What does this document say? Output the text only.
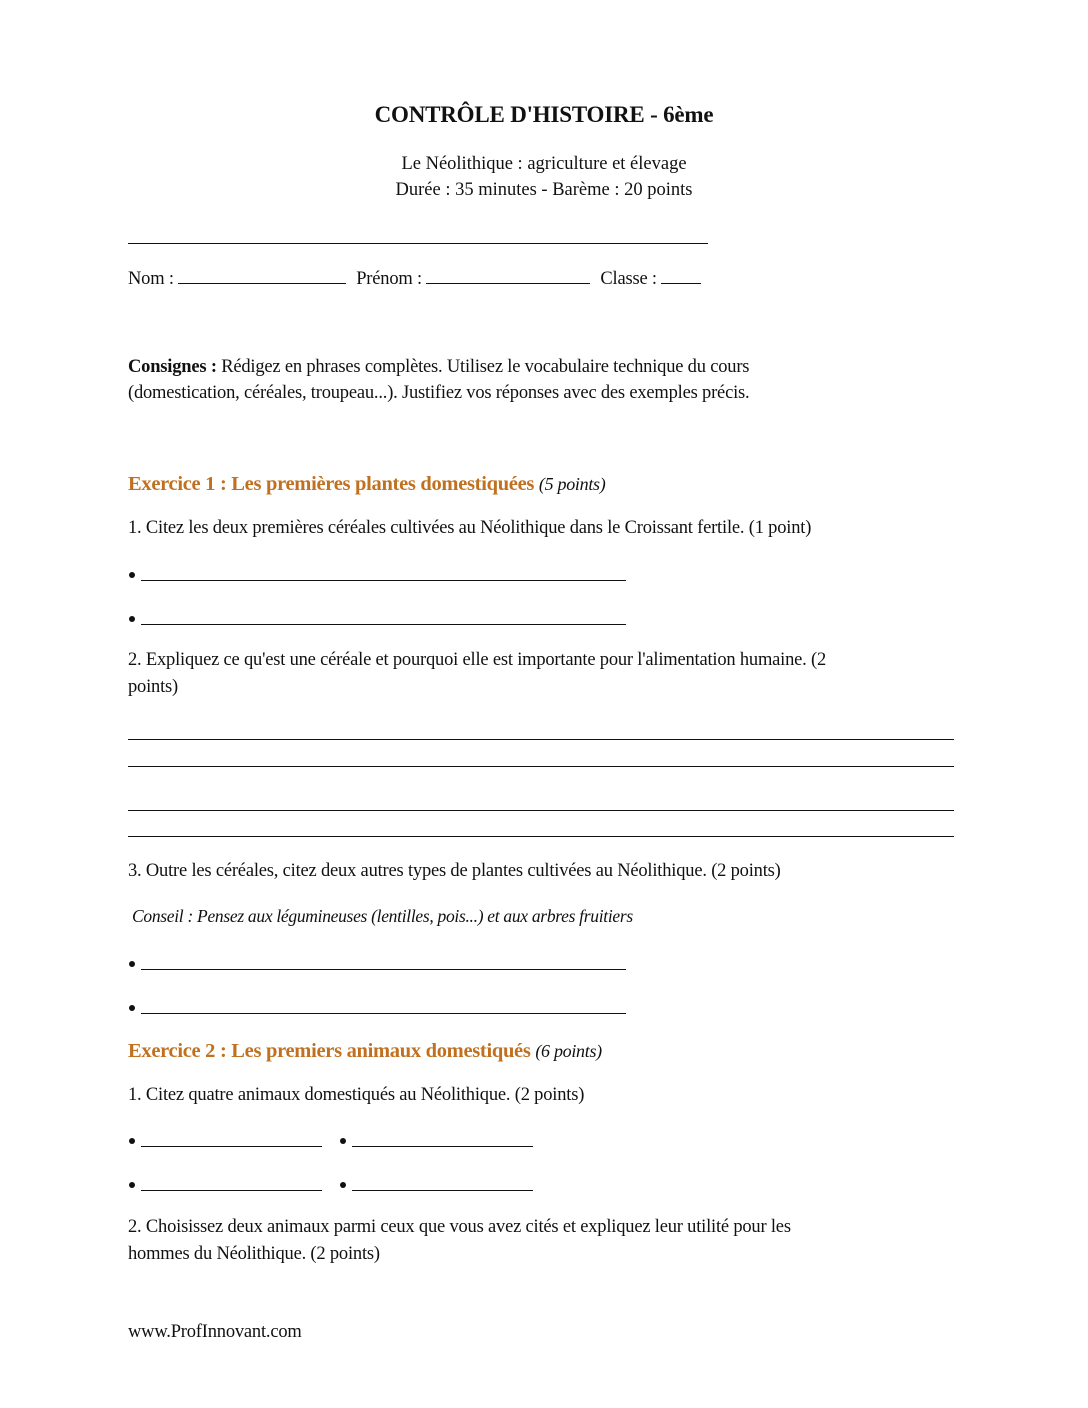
CONTRÔLE D'HISTOIRE - 6ème
Le Néolithique : agriculture et élevage
Durée : 35 minutes - Barème : 20 points
Nom :	Prénom :	Classe :
Consignes : Rédigez en phrases complètes. Utilisez le vocabulaire technique du cours
(domestication, céréales, troupeau...). Justifiez vos réponses avec des exemples précis.
Exercice 1 : Les premières plantes domestiquées (5 points)
1. Citez les deux premières céréales cultivées au Néolithique dans le Croissant fertile. (1 point)
2. Expliquez ce qu'est une céréale et pourquoi elle est importante pour l'alimentation humaine. (2
points)
3. Outre les céréales, citez deux autres types de plantes cultivées au Néolithique. (2 points)
Conseil : Pensez aux légumineuses (lentilles, pois...) et aux arbres fruitiers
Exercice 2 : Les premiers animaux domestiqués (6 points)
1. Citez quatre animaux domestiqués au Néolithique. (2 points)
2. Choisissez deux animaux parmi ceux que vous avez cités et expliquez leur utilité pour les
hommes du Néolithique. (2 points)
www.ProfInnovant.com
